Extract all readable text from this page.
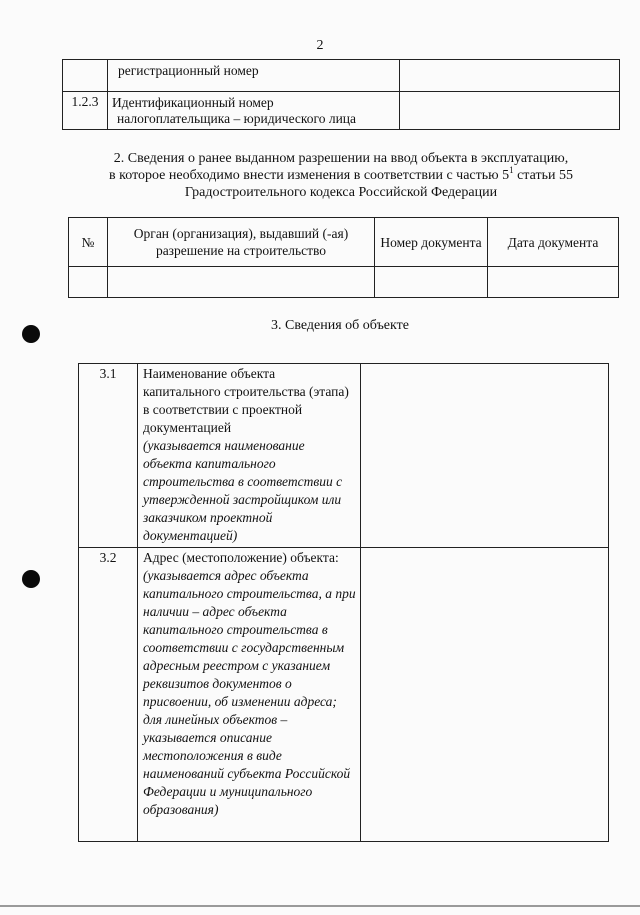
2
	регистрационный номер	
1.2.3	Идентификационный номер
налогоплательщика – юридического лица	

2. Сведения о ранее выданном разрешении на ввод объекта в эксплуатацию,
в которое необходимо внести изменения в соответствии с частью $5^1$ статьи 55
Градостроительного кодекса Российской Федерации
№	Орган (организация), выдавший (-ая) разрешение на строительство	Номер документа	Дата документа

3. Сведения об объекте
3.1	Наименование объекта капитального строительства (этапа) в соответствии с проектной документацией
(указывается наименование объекта капитального строительства в соответствии с утвержденной застройщиком или заказчиком проектной документацией)	

3.2	Адрес (местоположение) объекта:
(указывается адрес объекта капитального строительства, а при наличии – адрес объекта капитального строительства в соответствии с государственным адресным реестром с указанием реквизитов документов о присвоении, об изменении адреса; для линейных объектов – указывается описание местоположения в виде наименований субъекта Российской Федерации и муниципального образования)	
